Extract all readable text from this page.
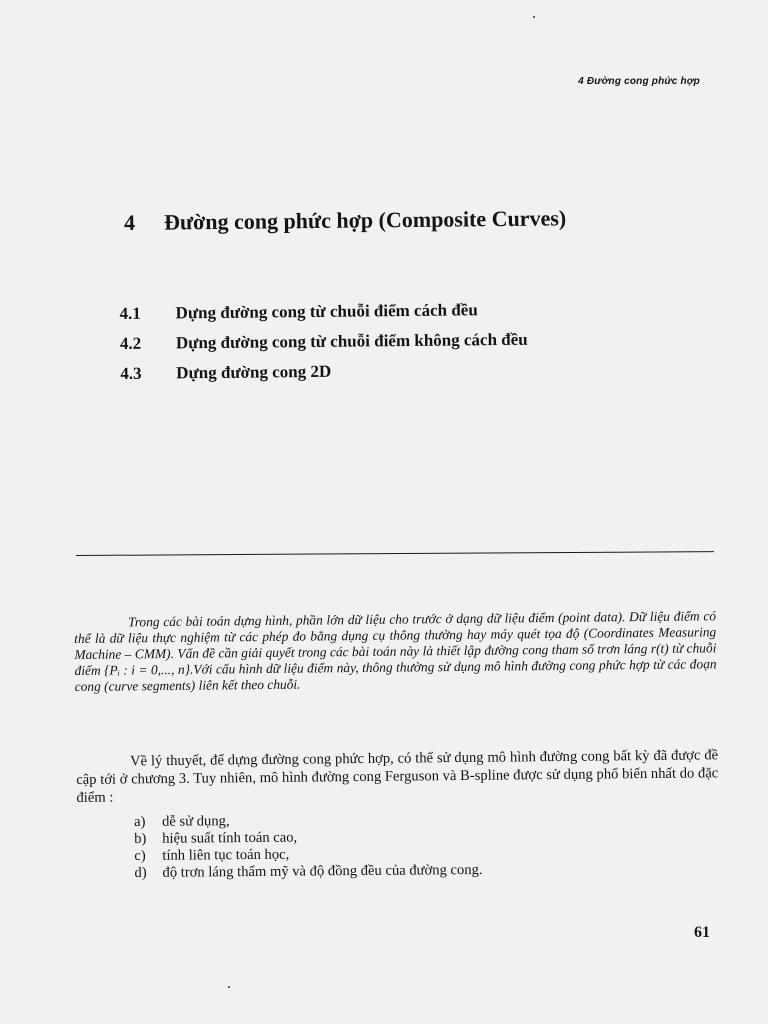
4 Đường cong phức hợp
4 Đường cong phức hợp (Composite Curves)
4.1 Dựng đường cong từ chuỗi điểm cách đều
4.2 Dựng đường cong từ chuỗi điểm không cách đều
4.3 Dựng đường cong 2D

Trong các bài toán dựng hình, phần lớn dữ liệu cho trước ở dạng dữ liệu điểm (point data). Dữ liệu điểm có thể là dữ liệu thực nghiệm từ các phép đo bằng dụng cụ thông thường hay máy quét tọa độ (Coordinates Measuring Machine – CMM). Vấn đề cần giải quyết trong các bài toán này là thiết lập đường cong tham số trơn láng r(t) từ chuỗi điểm {Pᵢ : i = 0,..., n}.Với cấu hình dữ liệu điểm này, thông thường sử dụng mô hình đường cong phức hợp từ các đoạn cong (curve segments) liên kết theo chuỗi.

Về lý thuyết, để dựng đường cong phức hợp, có thể sử dụng mô hình đường cong bất kỳ đã được đề cập tới ở chương 3. Tuy nhiên, mô hình đường cong Ferguson và B-spline được sử dụng phổ biến nhất do đặc điểm :

a) dễ sử dụng,
b) hiệu suất tính toán cao,
c) tính liên tục toán học,
d) độ trơn láng thẩm mỹ và độ đồng đều của đường cong.
61
